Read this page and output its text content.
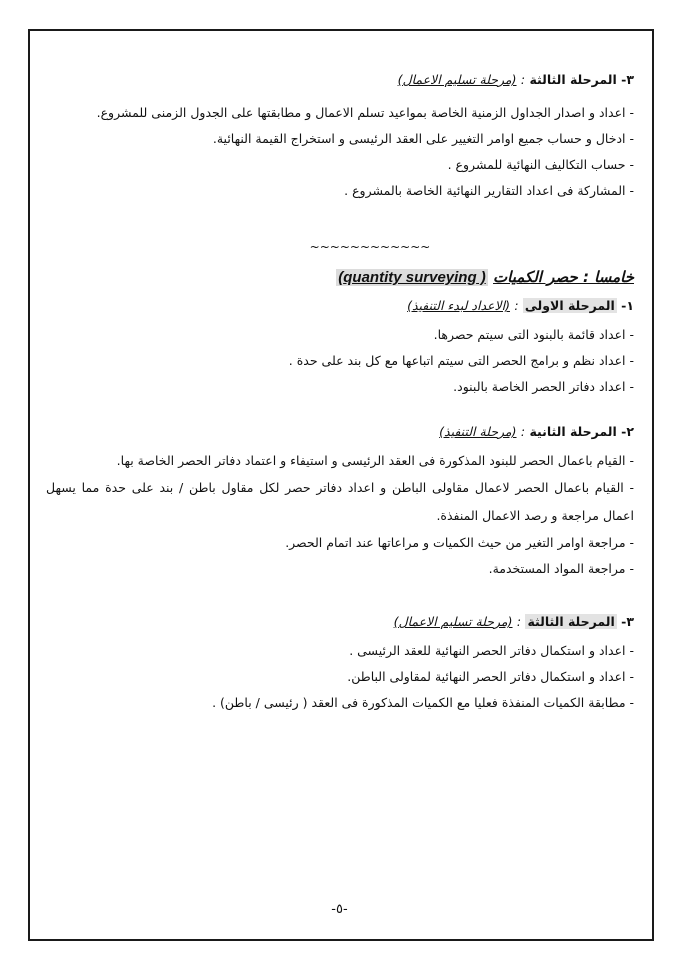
٣- المرحلة الثالثة : (مرحلة تسليم الاعمال)
- اعداد و اصدار الجداول الزمنية الخاصة بمواعيد تسلم الاعمال و مطابقتها على الجدول الزمنى للمشروع.
- ادخال و حساب جميع اوامر التغيير على العقد الرئيسى و استخراج القيمة النهائية.
- حساب التكاليف النهائية للمشروع .
- المشاركة فى اعداد التقارير النهائية الخاصة بالمشروع .
~~~~~~~~~~~~
خامسا : حصر الكميات ( quantity surveying)
١- المرحلة الاولى : (الاعداد لبدء التنفيذ)
- اعداد قائمة بالبنود التى سيتم حصرها.
- اعداد نظم و برامج الحصر التى سيتم اتباعها مع كل بند على حدة .
- اعداد دفاتر الحصر الخاصة بالبنود.
٢- المرحلة الثانية : (مرحلة التنفيذ)
- القيام باعمال الحصر للبنود المذكورة فى العقد الرئيسى و استيفاء و اعتماد دفاتر الحصر الخاصة بها.
- القيام باعمال الحصر لاعمال مقاولى الباطن و اعداد دفاتر حصر لكل مقاول باطن / بند على حدة مما يسهل اعمال مراجعة و رصد الاعمال المنفذة.
- مراجعة اوامر التغير من حيث الكميات و مراعاتها عند اتمام الحصر.
- مراجعة المواد المستخدمة.
٣- المرحلة الثالثة : (مرحلة تسليم الاعمال)
- اعداد و استكمال دفاتر الحصر النهائية للعقد الرئيسى .
- اعداد و استكمال دفاتر الحصر النهائية لمقاولى الباطن.
- مطابقة الكميات المنفذة فعليا مع الكميات المذكورة فى العقد ( رئيسى / باطن) .
-٥-
